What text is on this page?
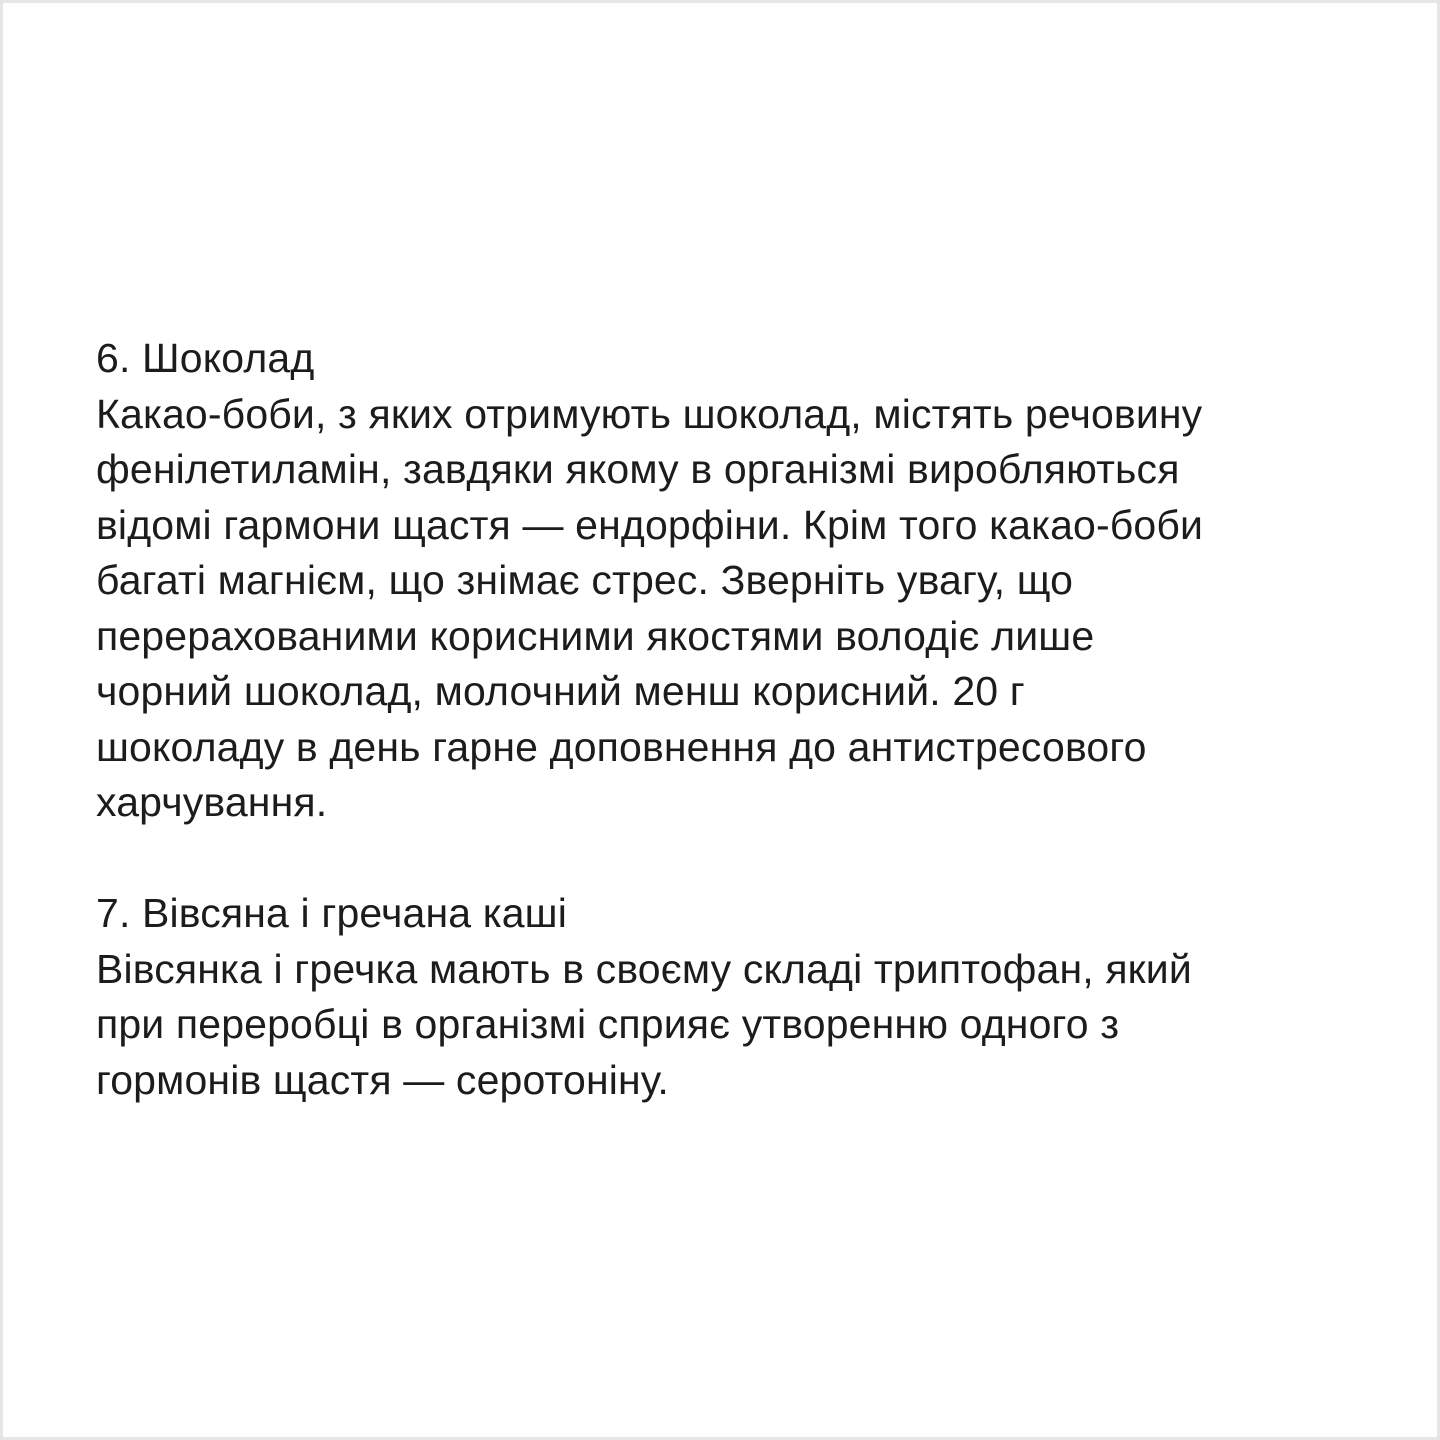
6. Шоколад
Какао-боби, з яких отримують шоколад, містять речовину
фенілетиламін, завдяки якому в організмі виробляються
відомі гармони щастя — ендорфіни. Крім того какао-боби
багаті магнієм, що знімає стрес. Зверніть увагу, що
перерахованими корисними якостями володіє лише
чорний шоколад, молочний менш корисний. 20 г
шоколаду в день гарне доповнення до антистресового
харчування.
7. Вівсяна і гречана каші
Вівсянка і гречка мають в своєму складі триптофан, який
при переробці в організмі сприяє утворенню одного з
гормонів щастя — серотоніну.
